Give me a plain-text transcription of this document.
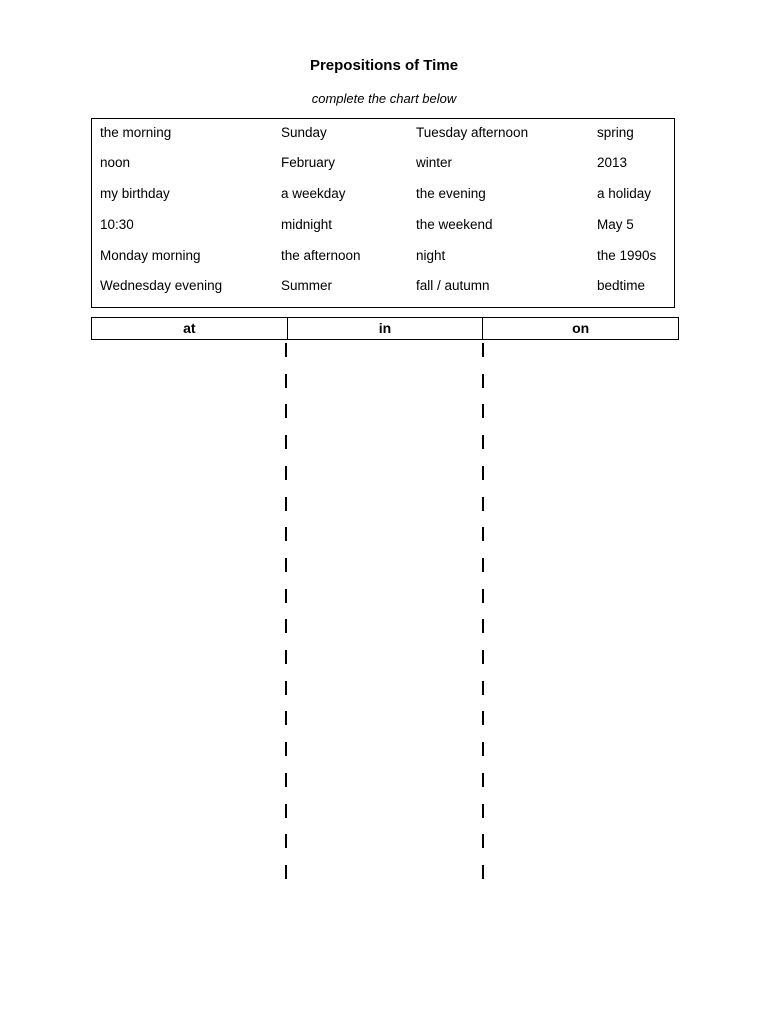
Prepositions of Time
complete the chart below
the morning	Sunday	Tuesday afternoon	spring
noon	February	winter	2013
my birthday	a weekday	the evening	a holiday
10:30	midnight	the weekend	May 5
Monday morning	the afternoon	night	the 1990s
Wednesday evening	Summer	fall / autumn	bedtime
at	in	on
